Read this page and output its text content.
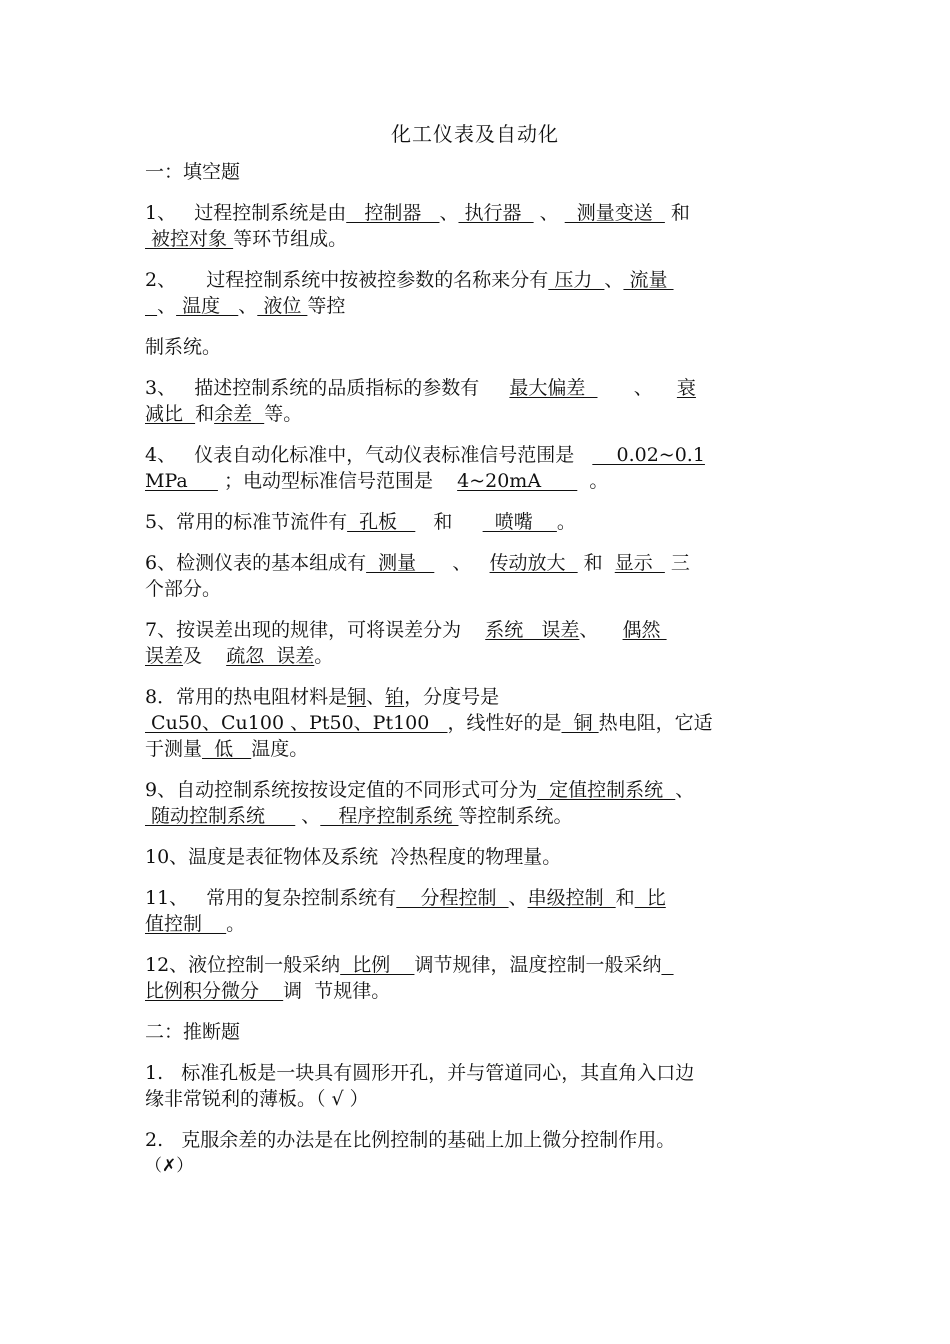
化工仪表及自动化
一：填空题
1、   过程控制系统是由   控制器   、 执行器   、   测量变送   和
被控对象 等环节组成。
2、     过程控制系统中按被控参数的名称来分有 压力  、 流量
、 温度   、 液位 等控
制系统。
3、   描述控制系统的品质指标的参数有     最大偏差        、    衰
减比  和余差  等。
4、   仪表自动化标准中，气动仪表标准信号范围是       0.02~0.1
MPa      ；电动型标准信号范围是    4~20mA        。
5、常用的标准节流件有  孔板      和       喷嘴    。
6、检测仪表的基本组成有  测量      、   传动放大   和  显示   三
个部分。
7、按误差出现的规律，可将误差分为    系统   误差、    偶然
误差及    疏忽  误差。
8．常用的热电阻材料是铜、铂，分度号是
Cu50、Cu100 、Pt50、Pt100   ，线性好的是  铜 热电阻，它适
于测量  低   温度。
9、自动控制系统按按设定值的不同形式可分为  定值控制系统  、
随动控制系统      、   程序控制系统 等控制系统。
10、温度是表征物体及系统  冷热程度的物理量。
11、   常用的复杂控制系统有    分程控制  、串级控制  和  比
值控制    。
12、液位控制一般采纳  比例    调节规律，温度控制一般采纳
比例积分微分    调  节规律。
二：推断题
1.   标准孔板是一块具有圆形开孔，并与管道同心，其直角入口边
缘非常锐利的薄板。（ √ ）
2.   克服余差的办法是在比例控制的基础上加上微分控制作用。
（✗）
